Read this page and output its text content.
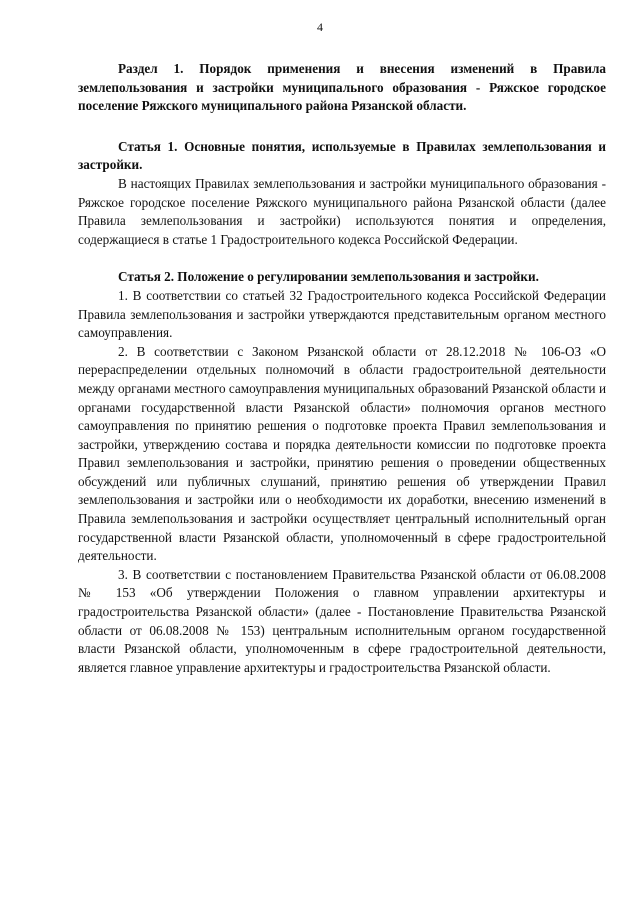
4

Раздел 1. Порядок применения и внесения изменений в Правила землепользования и застройки муниципального образования - Ряжское городское поселение Ряжского муниципального района Рязанской области.

Статья 1. Основные понятия, используемые в Правилах землепользования и застройки.

В настоящих Правилах землепользования и застройки муниципального образования - Ряжское городское поселение Ряжского муниципального района Рязанской области (далее Правила землепользования и застройки) используются понятия и определения, содержащиеся в статье 1 Градостроительного кодекса Российской Федерации.

Статья 2. Положение о регулировании землепользования и застройки.

1. В соответствии со статьей 32 Градостроительного кодекса Российской Федерации Правила землепользования и застройки утверждаются представительным органом местного самоуправления.

2. В соответствии с Законом Рязанской области от 28.12.2018 № 106-ОЗ «О перераспределении отдельных полномочий в области градостроительной деятельности между органами местного самоуправления муниципальных образований Рязанской области и органами государственной власти Рязанской области» полномочия органов местного самоуправления по принятию решения о подготовке проекта Правил землепользования и застройки, утверждению состава и порядка деятельности комиссии по подготовке проекта Правил землепользования и застройки, принятию решения о проведении общественных обсуждений или публичных слушаний, принятию решения об утверждении Правил землепользования и застройки или о необходимости их доработки, внесению изменений в Правила землепользования и застройки осуществляет центральный исполнительный орган государственной власти Рязанской области, уполномоченный в сфере градостроительной деятельности.

3. В соответствии с постановлением Правительства Рязанской области от 06.08.2008 № 153 «Об утверждении Положения о главном управлении архитектуры и градостроительства Рязанской области» (далее - Постановление Правительства Рязанской области от 06.08.2008 № 153) центральным исполнительным органом государственной власти Рязанской области, уполномоченным в сфере градостроительной деятельности, является главное управление архитектуры и градостроительства Рязанской области.
